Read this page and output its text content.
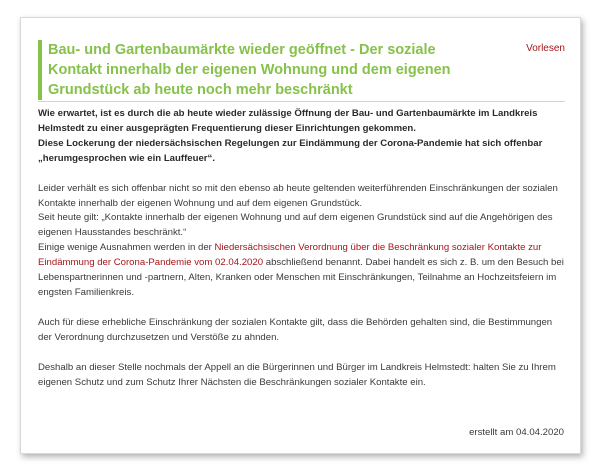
Vorlesen
Bau- und Gartenbaumärkte wieder geöffnet - Der soziale Kontakt innerhalb der eigenen Wohnung und dem eigenen Grundstück ab heute noch mehr beschränkt

Wie erwartet, ist es durch die ab heute wieder zulässige Öffnung der Bau- und Gartenbaumärkte im Landkreis Helmstedt zu einer ausgeprägten Frequentierung dieser Einrichtungen gekommen.

Diese Lockerung der niedersächsischen Regelungen zur Eindämmung der Corona-Pandemie hat sich offenbar „herumgesprochen wie ein Lauffeuer“.

Leider verhält es sich offenbar nicht so mit den ebenso ab heute geltenden weiterführenden Einschränkungen der sozialen Kontakte innerhalb der eigenen Wohnung und auf dem eigenen Grundstück.

Seit heute gilt: „Kontakte innerhalb der eigenen Wohnung und auf dem eigenen Grundstück sind auf die Angehörigen des eigenen Hausstandes beschränkt.“

Einige wenige Ausnahmen werden in der Niedersächsischen Verordnung über die Beschränkung sozialer Kontakte zur Eindämmung der Corona-Pandemie vom 02.04.2020 abschließend benannt. Dabei handelt es sich z. B. um den Besuch bei Lebenspartnerinnen und -partnern, Alten, Kranken oder Menschen mit Einschränkungen, Teilnahme an Hochzeitsfeiern im engsten Familienkreis.

Auch für diese erhebliche Einschränkung der sozialen Kontakte gilt, dass die Behörden gehalten sind, die Bestimmungen der Verordnung durchzusetzen und Verstöße zu ahnden.

Deshalb an dieser Stelle nochmals der Appell an die Bürgerinnen und Bürger im Landkreis Helmstedt: halten Sie zu Ihrem eigenen Schutz und zum Schutz Ihrer Nächsten die Beschränkungen sozialer Kontakte ein.

erstellt am 04.04.2020
